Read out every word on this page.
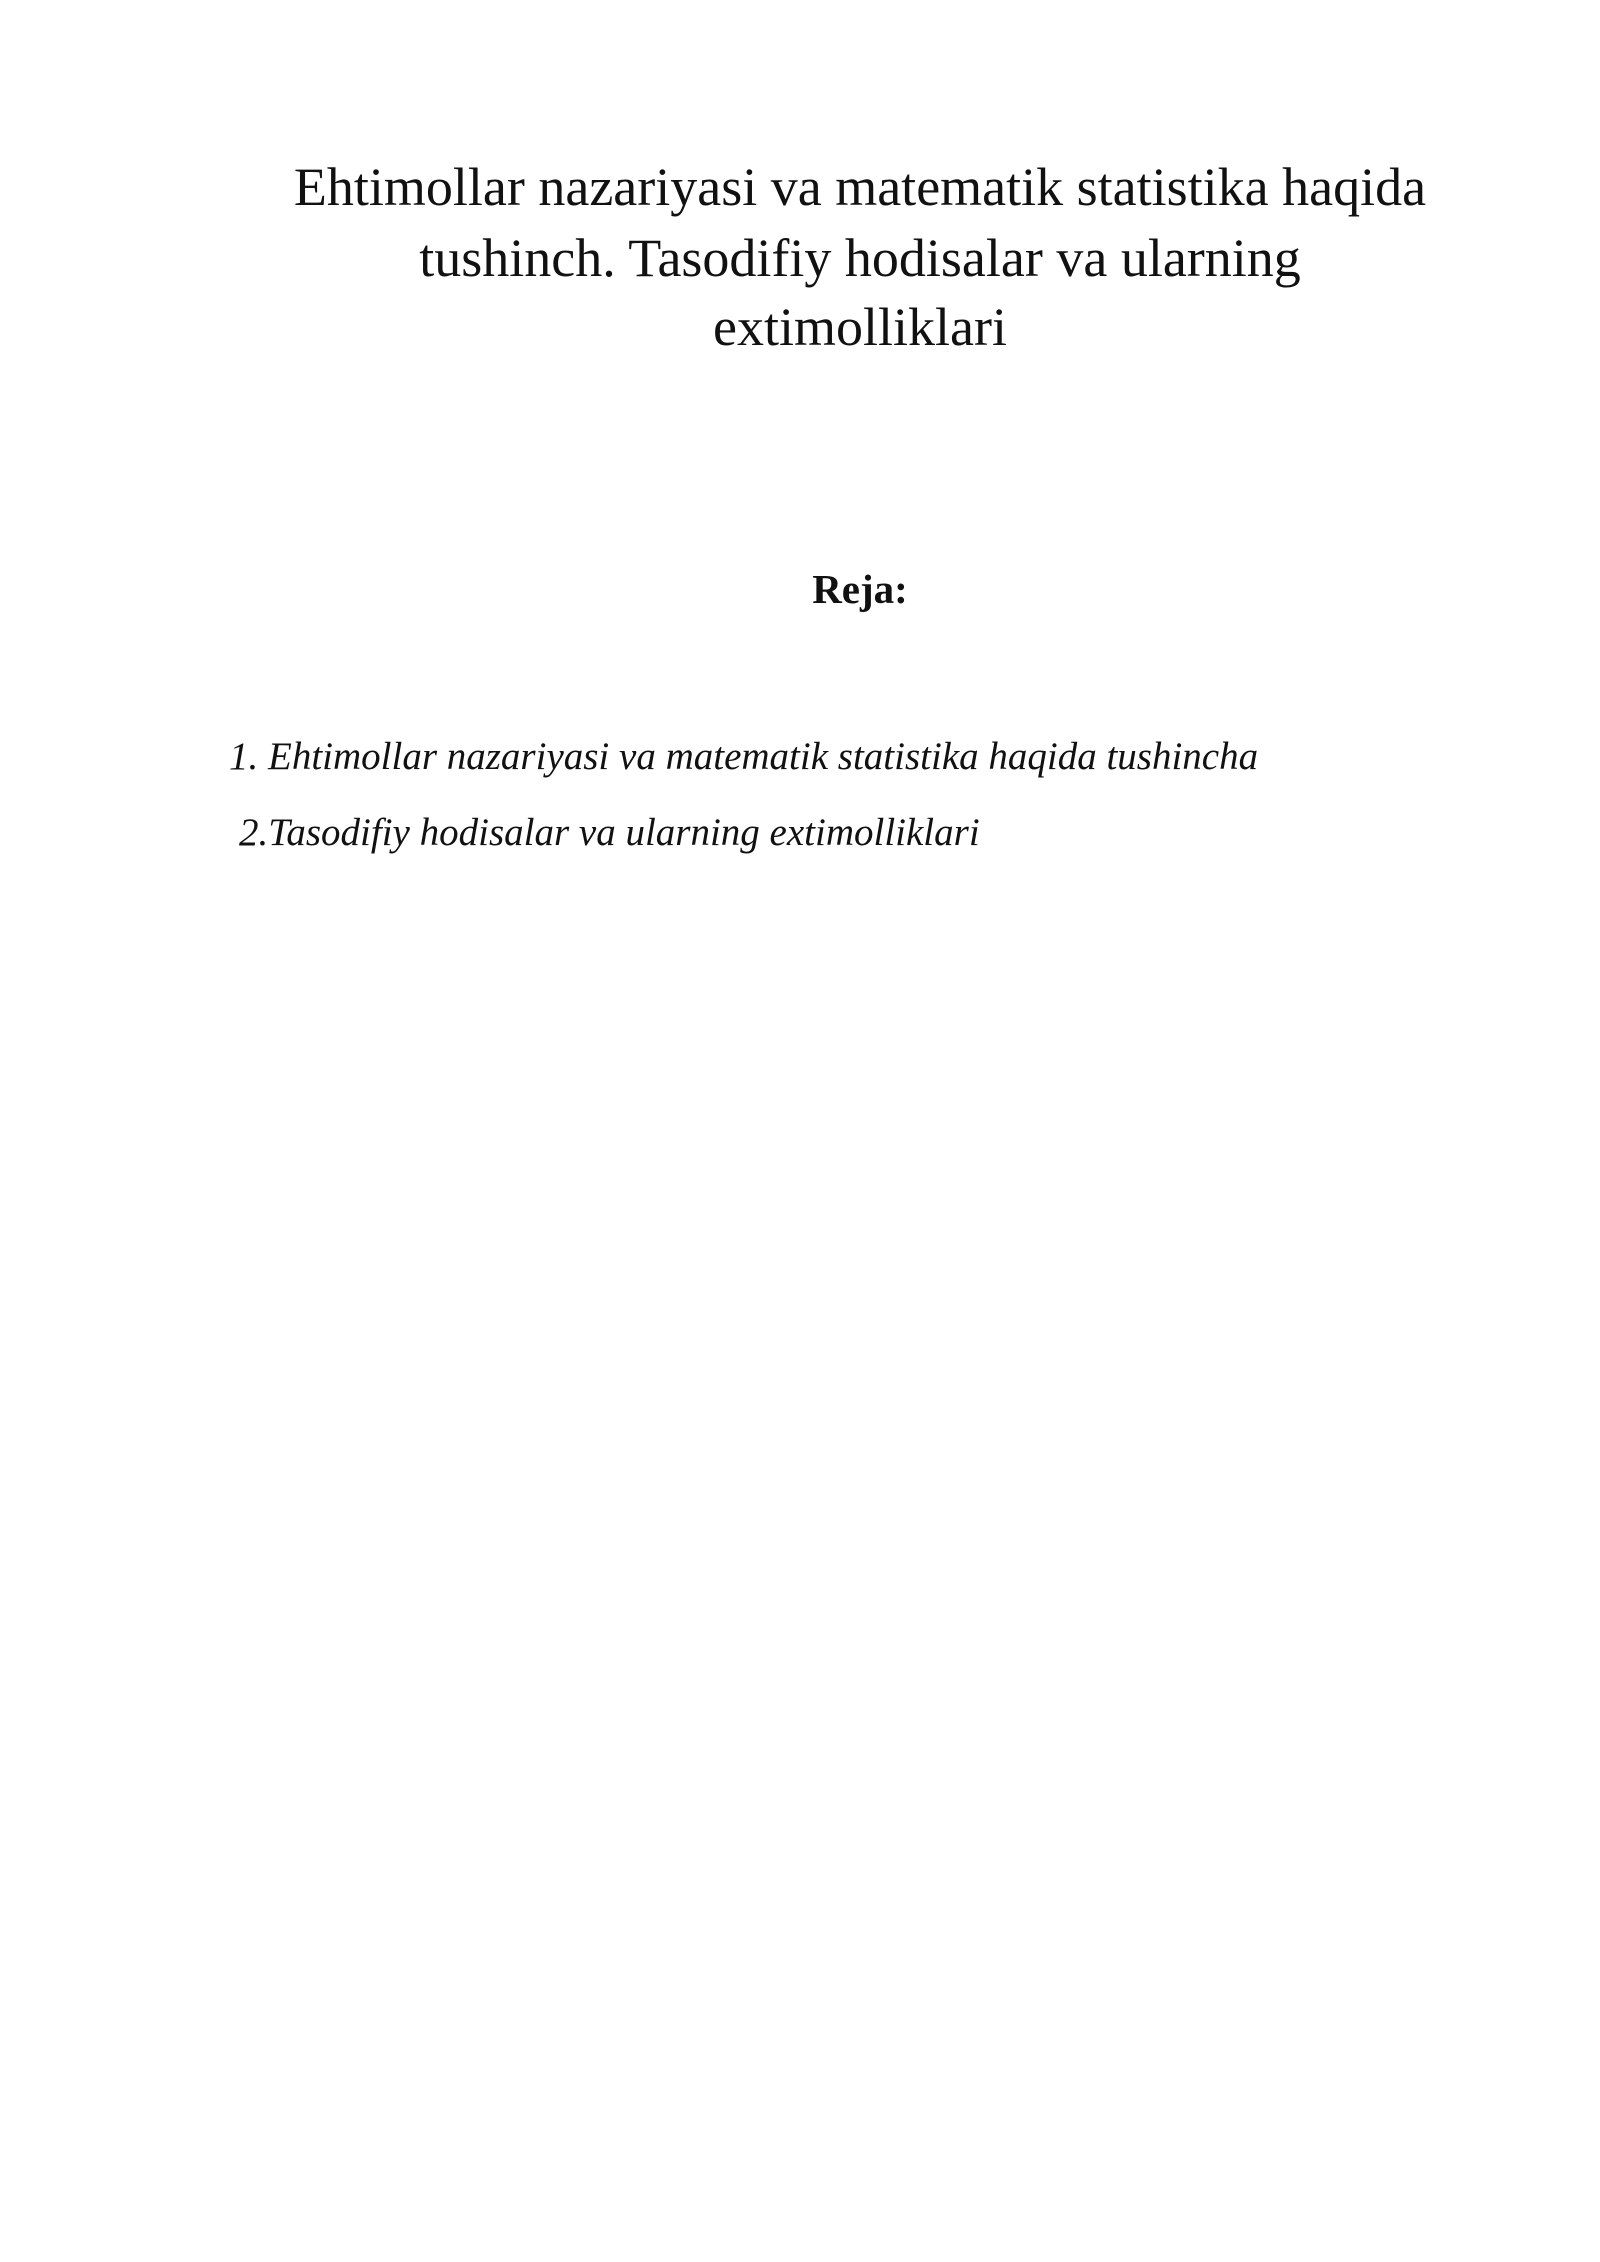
Ehtimollar nazariyasi va matematik statistika haqida
tushinch. Tasodifiy hodisalar va ularning
extimolliklari
Reja:

1. Ehtimollar nazariyasi va matematik statistika haqida tushincha

2.Tasodifiy hodisalar va ularning extimolliklari
